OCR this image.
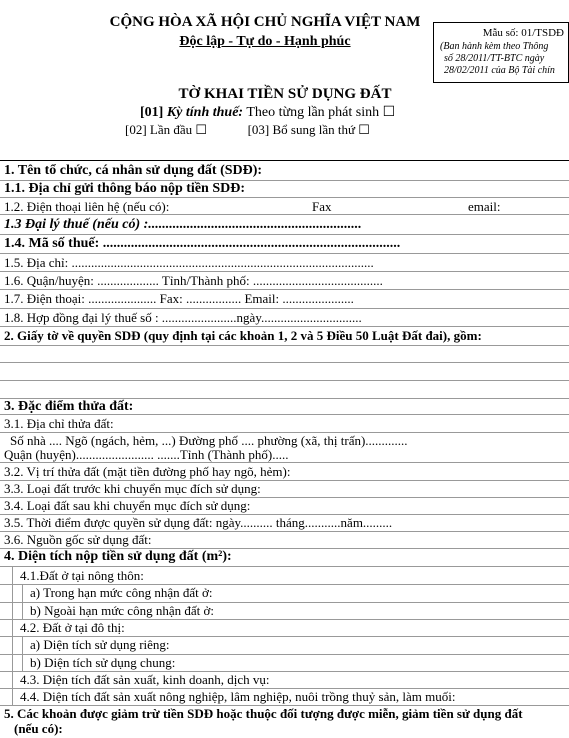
CỘNG HÒA XÃ HỘI CHỦ NGHĨA VIỆT NAM
Độc lập - Tự do - Hạnh phúc
Mẫu số: 01/TSDĐ
(Ban hành kèm theo Thông
số 28/2011/TT-BTC ngày
28/02/2011 của Bộ Tài chín
TỜ KHAI TIỀN SỬ DỤNG ĐẤT
[01] Kỳ tính thuế: Theo từng lần phát sinh ☐
[02] Lần đầu ☐	[03] Bổ sung lần thứ ☐
1. Tên tổ chức, cá nhân sử dụng đất (SDĐ):
1.1. Địa chỉ gửi thông báo nộp tiền SDĐ:
1.2. Điện thoại liên hệ (nếu có):	Fax	email:
1.3 Đại lý thuế (nếu có) :.............................................................
1.4. Mã số thuế: .....................................................................................
1.5. Địa chỉ: .............................................................................................
1.6. Quận/huyện: ................... Tỉnh/Thành phố: ........................................
1.7. Điện thoại: ..................... Fax: ................. Email: ......................
1.8. Hợp đồng đại lý thuế số : .......................ngày...............................
2. Giấy tờ về quyền SDĐ (quy định tại các khoản 1, 2 và 5 Điều 50 Luật Đất đai), gồm:
3. Đặc điểm thửa đất:
3.1. Địa chỉ thửa đất:
Số nhà .... Ngõ (ngách, hẻm, ...) Đường phố .... phường (xã, thị trấn).............
Quận (huyện)........................ .......Tỉnh (Thành phố).....
3.2. Vị trí thửa đất (mặt tiền đường phố hay ngõ, hẻm):
3.3. Loại đất trước khi chuyển mục đích sử dụng:
3.4. Loại đất sau khi chuyển mục đích sử dụng:
3.5. Thời điểm được quyền sử dụng đất: ngày.......... tháng...........năm.........
3.6. Nguồn gốc sử dụng đất:
4. Diện tích nộp tiền sử dụng đất (m²):
4.1.Đất ở tại nông thôn:
a) Trong hạn mức công nhận đất ở:
b) Ngoài hạn mức công nhận đất ở:
4.2. Đất ở tại đô thị:
a) Diện tích sử dụng riêng:
b) Diện tích sử dụng chung:
4.3. Diện tích đất sản xuất, kinh doanh, dịch vụ:
4.4. Diện tích đất sản xuất nông nghiệp, lâm nghiệp, nuôi trồng thuỷ sản, làm muối:
5. Các khoản được giảm trừ tiền SDĐ hoặc thuộc đối tượng được miễn, giảm tiền sử dụng đất
(nếu có):
